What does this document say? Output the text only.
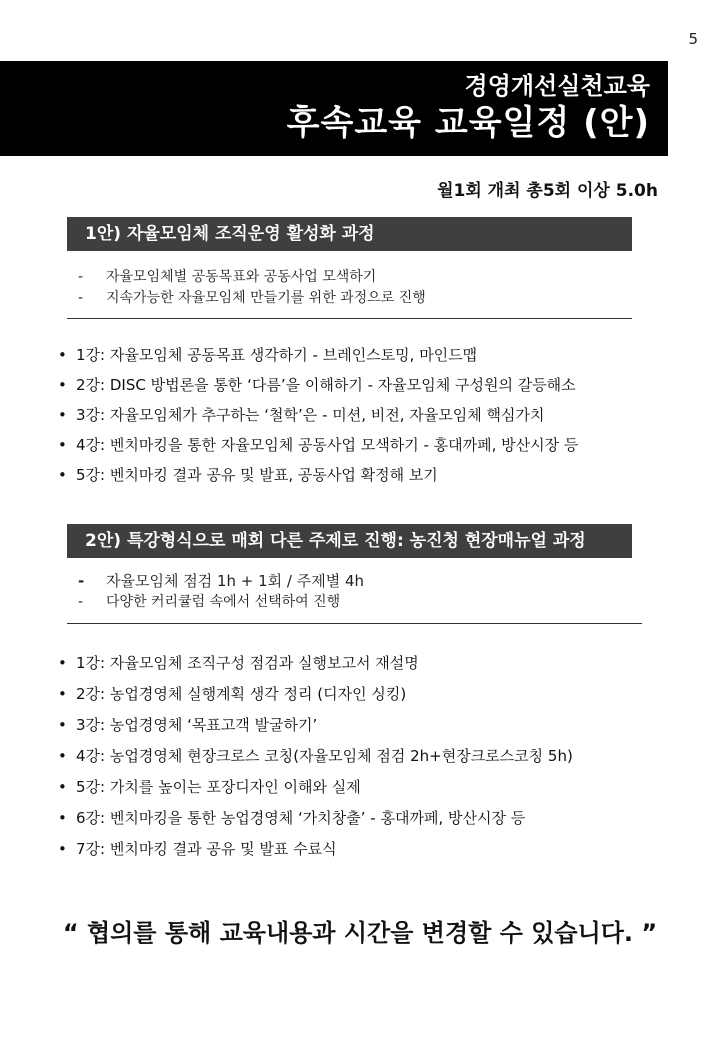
5
경영개선실천교육
후속교육 교육일정 (안)
월1회 개최 총5회 이상 5.0h
1안) 자율모임체 조직운영 활성화 과정
- 자율모임체별 공동목표와 공동사업 모색하기
- 지속가능한 자율모임체 만들기를 위한 과정으로 진행
• 1강: 자율모임체 공동목표 생각하기 - 브레인스토밍, 마인드맵
• 2강: DISC 방법론을 통한 ‘다름’을 이해하기 - 자율모임체 구성원의 갈등해소
• 3강: 자율모임체가 추구하는 ‘철학’은 - 미션, 비전, 자율모임체 핵심가치
• 4강: 벤치마킹을 통한 자율모임체 공동사업 모색하기 - 홍대까페, 방산시장 등
• 5강: 벤치마킹 결과 공유 및 발표, 공동사업 확정해 보기
2안) 특강형식으로 매회 다른 주제로 진행: 농진청 현장매뉴얼 과정
- 자율모임체 점검 1h + 1회 / 주제별 4h
- 다양한 커리큘럼 속에서 선택하여 진행
• 1강: 자율모임체 조직구성 점검과 실행보고서 재설명
• 2강: 농업경영체 실행계획 생각 정리 (디자인 싱킹)
• 3강: 농업경영체 ‘목표고객 발굴하기’
• 4강: 농업경영체 현장크로스 코칭(자율모임체 점검 2h+현장크로스코칭 5h)
• 5강: 가치를 높이는 포장디자인 이해와 실제
• 6강: 벤치마킹을 통한 농업경영체 ‘가치창출’ - 홍대까페, 방산시장 등
• 7강: 벤치마킹 결과 공유 및 발표 수료식
“ 협의를 통해 교육내용과 시간을 변경할 수 있습니다. ”
